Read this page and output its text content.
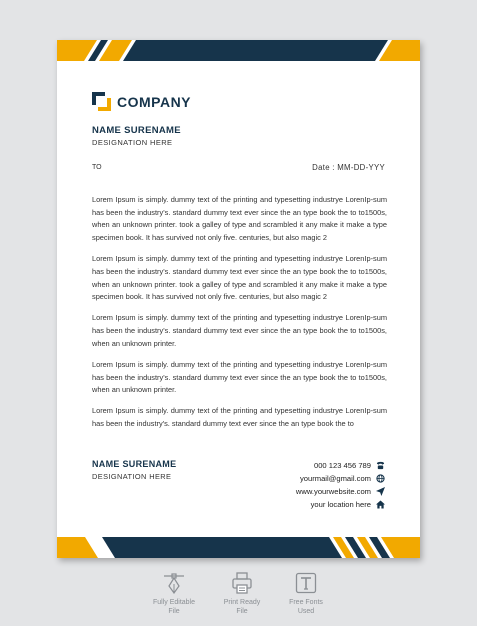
COMPANY
NAME SURENAME
DESIGNATION HERE
TO	Date : MM-DD-YYY

Lorem Ipsum is simply. dummy text of the printing and typesetting industrye LorenIp-sum has been the industry's. standard dummy text ever since the an type book the to to1500s, when an unknown printer. took a galley of type and scrambled it any make it make a type specimen book. It has survived not only five. centuries, but also magic 2

Lorem Ipsum is simply. dummy text of the printing and typesetting industrye LorenIp-sum has been the industry's. standard dummy text ever since the an type book the to to1500s, when an unknown printer. took a galley of type and scrambled it any make it make a type specimen book. It has survived not only five. centuries, but also magic 2

Lorem Ipsum is simply. dummy text of the printing and typesetting industrye LorenIp-sum has been the industry's. standard dummy text ever since the an type book the to to1500s, when an unknown printer.

Lorem Ipsum is simply. dummy text of the printing and typesetting industrye LorenIp-sum has been the industry's. standard dummy text ever since the an type book the to to1500s, when an unknown printer.

Lorem Ipsum is simply. dummy text of the printing and typesetting industrye LorenIp-sum has been the industry's. standard dummy text ever since the an type book the to

NAME SURENAME
DESIGNATION HERE
000 123 456 789
yourmail@gmail.com
www.yourwebsite.com
your location here
Fully Editable
File
Print Ready
File
Free Fonts
Used
